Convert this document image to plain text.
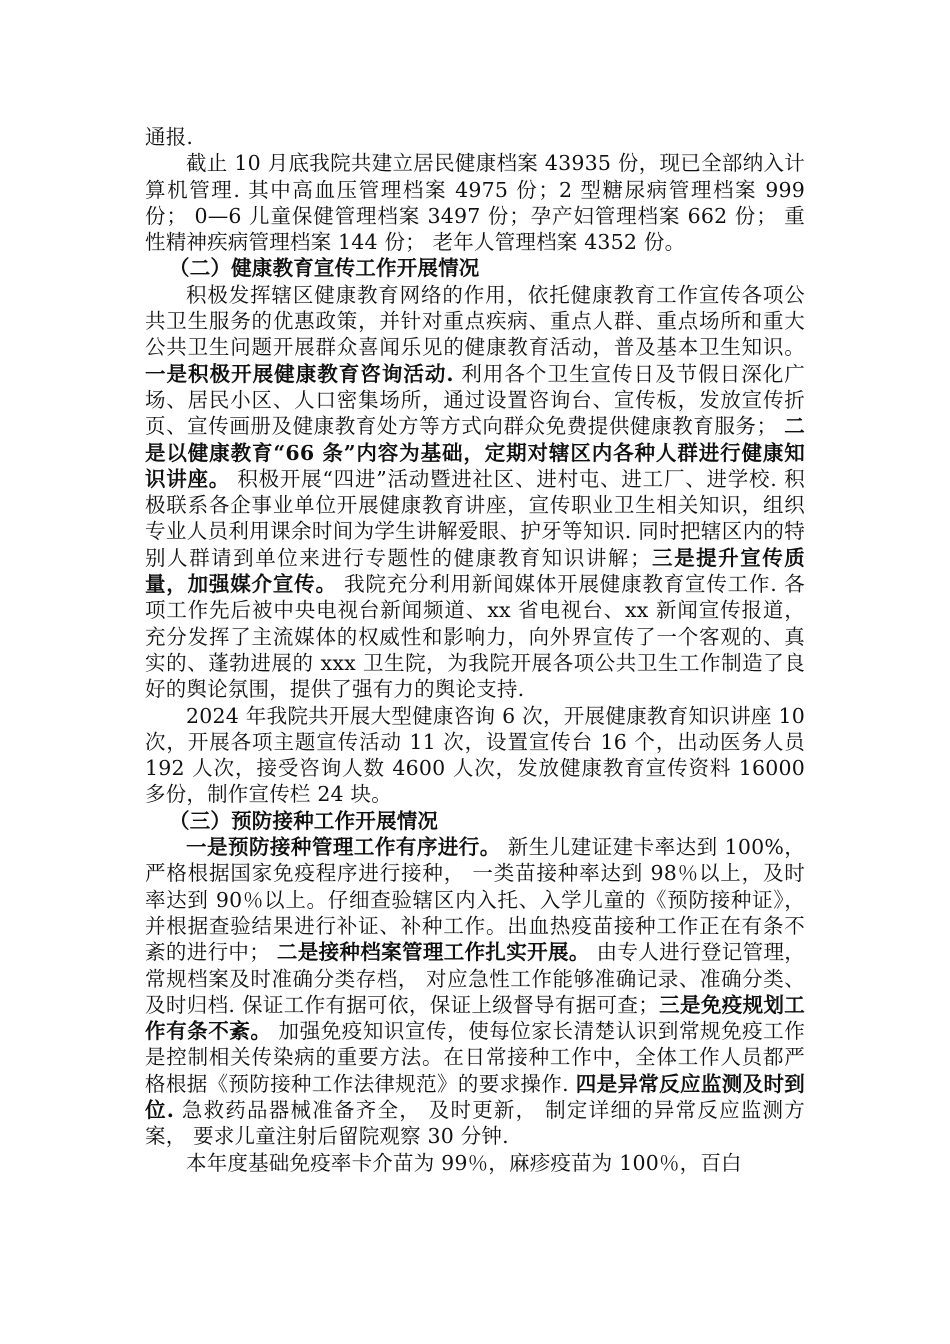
通报.

截止 10 月底我院共建立居民健康档案 43935 份，现已全部纳入计算机管理. 其中高血压管理档案 4975 份；2 型糖尿病管理档案 999 份； 0—6 儿童保健管理档案 3497 份；孕产妇管理档案 662 份； 重性精神疾病管理档案 144 份； 老年人管理档案 4352 份。

（二）健康教育宣传工作开展情况

积极发挥辖区健康教育网络的作用，依托健康教育工作宣传各项公共卫生服务的优惠政策，并针对重点疾病、重点人群、重点场所和重大公共卫生问题开展群众喜闻乐见的健康教育活动，普及基本卫生知识。一是积极开展健康教育咨询活动. 利用各个卫生宣传日及节假日深化广场、居民小区、人口密集场所，通过设置咨询台、宣传板，发放宣传折页、宣传画册及健康教育处方等方式向群众免费提供健康教育服务； 二是以健康教育“66 条”内容为基础，定期对辖区内各种人群进行健康知识讲座。 积极开展“四进”活动暨进社区、进村屯、进工厂、进学校. 积极联系各企事业单位开展健康教育讲座，宣传职业卫生相关知识，组织专业人员利用课余时间为学生讲解爱眼、护牙等知识. 同时把辖区内的特别人群请到单位来进行专题性的健康教育知识讲解；三是提升宣传质量，加强媒介宣传。 我院充分利用新闻媒体开展健康教育宣传工作. 各项工作先后被中央电视台新闻频道、xx 省电视台、xx 新闻宣传报道，充分发挥了主流媒体的权威性和影响力，向外界宣传了一个客观的、真实的、蓬勃进展的 xxx 卫生院，为我院开展各项公共卫生工作制造了良好的舆论氛围，提供了强有力的舆论支持.

2024 年我院共开展大型健康咨询 6 次，开展健康教育知识讲座 10 次，开展各项主题宣传活动 11 次，设置宣传台 16 个，出动医务人员 192 人次，接受咨询人数 4600 人次，发放健康教育宣传资料 16000 多份，制作宣传栏 24 块。

（三）预防接种工作开展情况

一是预防接种管理工作有序进行。 新生儿建证建卡率达到 100%，严格根据国家免疫程序进行接种， 一类苗接种率达到 98％以上，及时率达到 90％以上。仔细查验辖区内入托、入学儿童的《预防接种证》，并根据查验结果进行补证、补种工作。出血热疫苗接种工作正在有条不紊的进行中； 二是接种档案管理工作扎实开展。 由专人进行登记管理，常规档案及时准确分类存档， 对应急性工作能够准确记录、准确分类、及时归档. 保证工作有据可依，保证上级督导有据可查；三是免疫规划工作有条不紊。 加强免疫知识宣传，使每位家长清楚认识到常规免疫工作是控制相关传染病的重要方法。在日常接种工作中，全体工作人员都严格根据《预防接种工作法律规范》的要求操作. 四是异常反应监测及时到位. 急救药品器械准备齐全， 及时更新， 制定详细的异常反应监测方案， 要求儿童注射后留院观察 30 分钟.

本年度基础免疫率卡介苗为 99％，麻疹疫苗为 100％，百白
